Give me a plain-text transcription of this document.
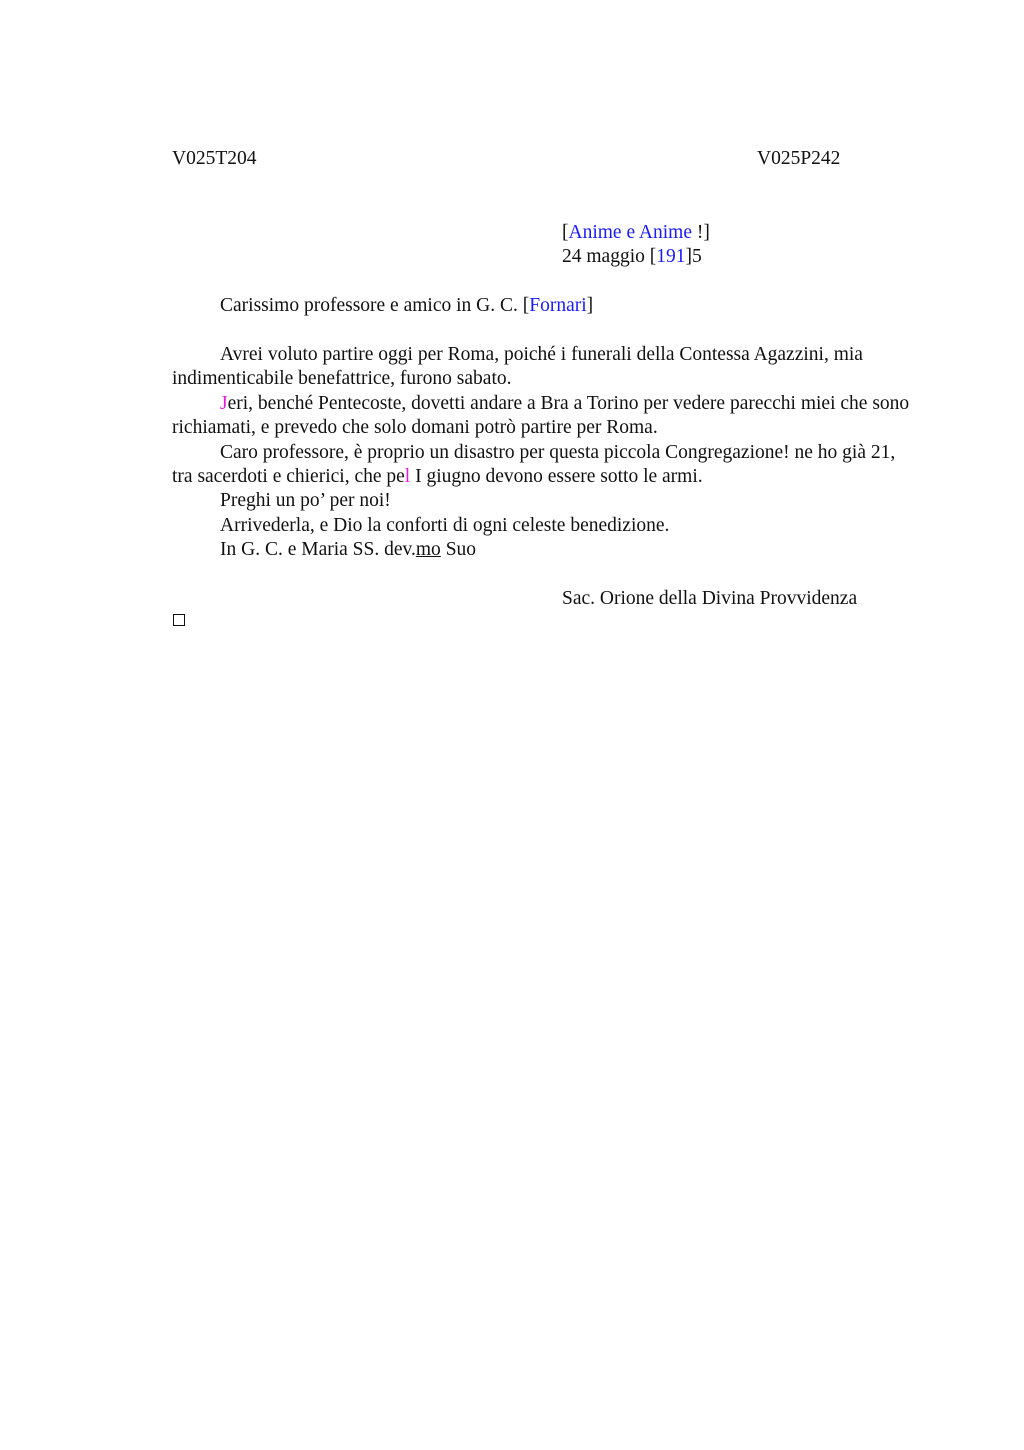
V025T204	V025P242
[Anime e Anime !]
24 maggio [191]5
Carissimo professore e amico in G. C. [Fornari]

Avrei voluto partire oggi per Roma, poiché i funerali della Contessa Agazzini, mia indimenticabile benefattrice, furono sabato.

Jeri, benché Pentecoste, dovetti andare a Bra a Torino per vedere parecchi miei che sono richiamati, e prevedo che solo domani potrò partire per Roma.

Caro professore, è proprio un disastro per questa piccola Congregazione! ne ho già 21, tra sacerdoti e chierici, che pel I giugno devono essere sotto le armi.

Preghi un po’ per noi!

Arrivederla, e Dio la conforti di ogni celeste benedizione.

In G. C. e Maria SS. dev.mo Suo

Sac. Orione della Divina Provvidenza
